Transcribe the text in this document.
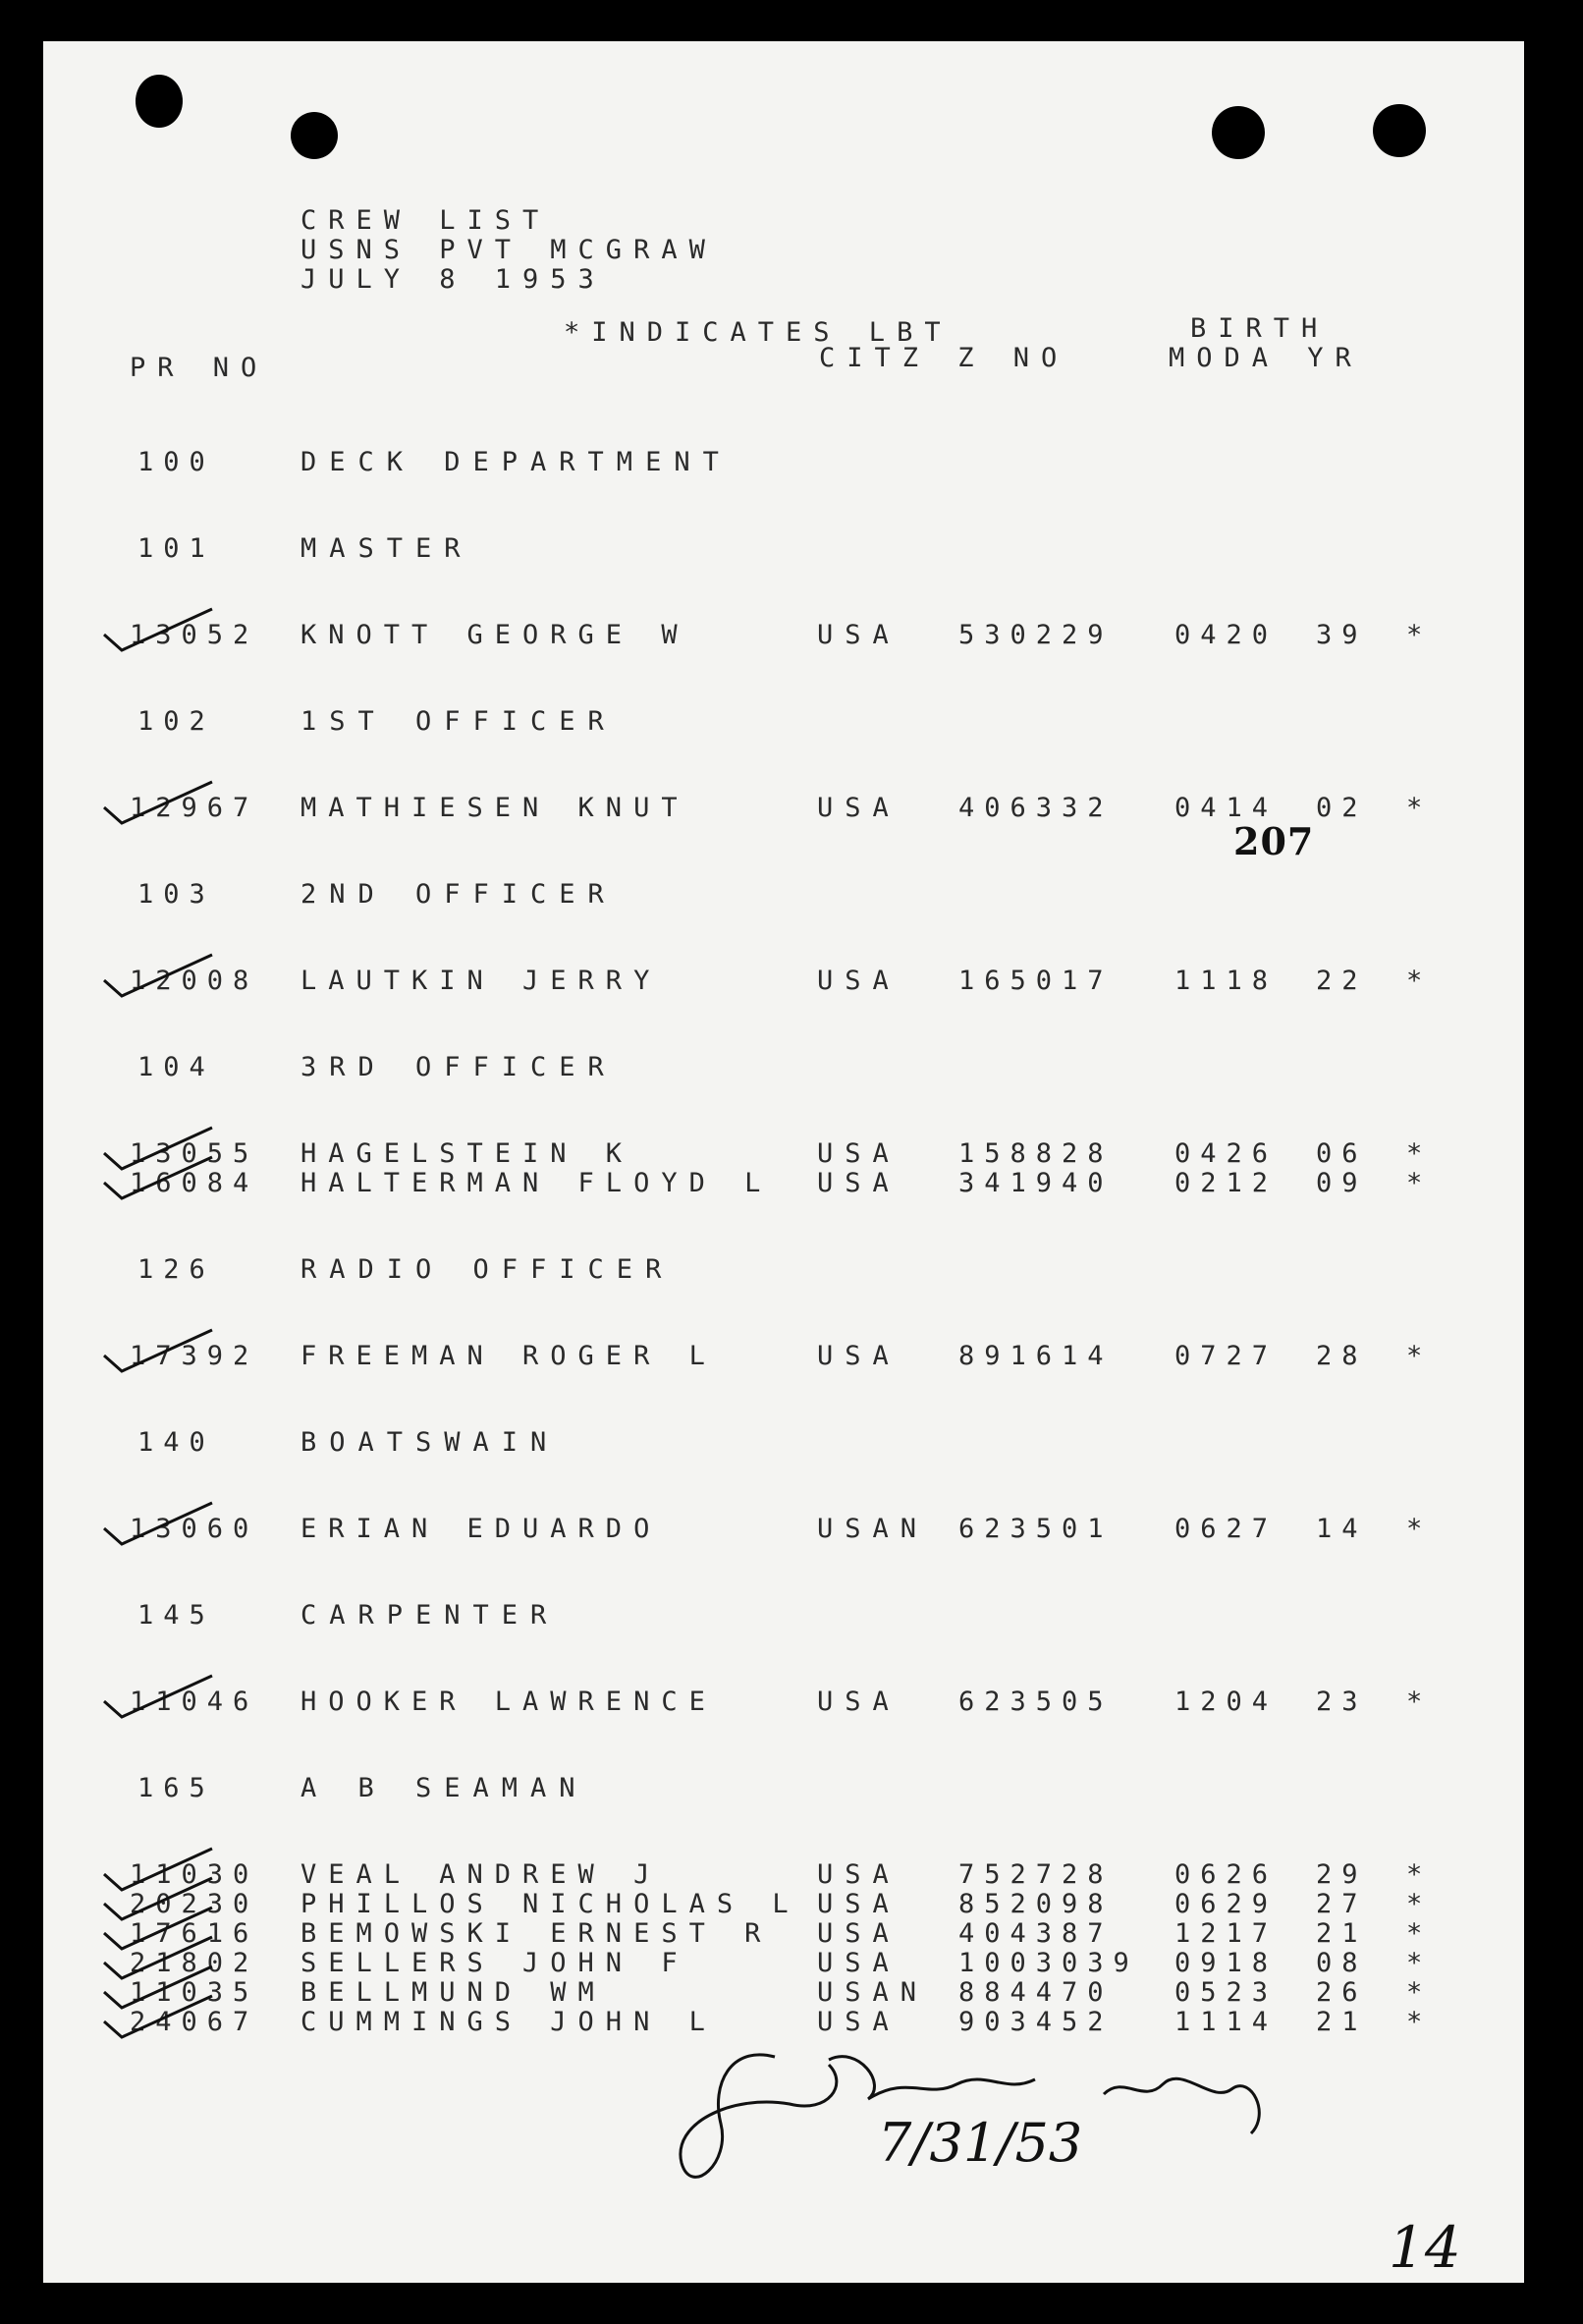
CREW LIST
USNS PVT MCGRAW
JULY 8 1953
*INDICATES LBT	BIRTH
PR NO	CITZ Z NO	MODA YR
100	DECK DEPARTMENT
101	MASTER
13052 KNOTT GEORGE W	USA 530229 0420 39 *
102	1ST OFFICER
12967 MATHIESEN KNUT	USA 406332 0414 02 *
103	2ND OFFICER
12008 LAUTKIN JERRY	USA 165017 1118 22 *
104	3RD OFFICER
13055 HAGELSTEIN K	USA 158828 0426 06 *
16084 HALTERMAN FLOYD L USA 341940 0212 09 *
126	RADIO OFFICER
17392 FREEMAN ROGER L	USA 891614 0727 28 *
140	BOATSWAIN
13060 ERIAN EDUARDO	USAN 623501 0627 14 *
145	CARPENTER
11046 HOOKER LAWRENCE	USA 623505 1204 23 *
165	A B SEAMAN
11030 VEAL ANDREW J	USA 752728 0626 29 *
20230 PHILLOS NICHOLAS L USA 852098 0629 27 *
17616 BEMOWSKI ERNEST R USA 404387 1217 21 *
21802 SELLERS JOHN F	USA 1003039 0918 08 *
11035 BELLMUND WM	USAN 884470 0523 26 *
24067 CUMMINGS JOHN L	USA 903452 1114 21 *
207
7/31/53
14
